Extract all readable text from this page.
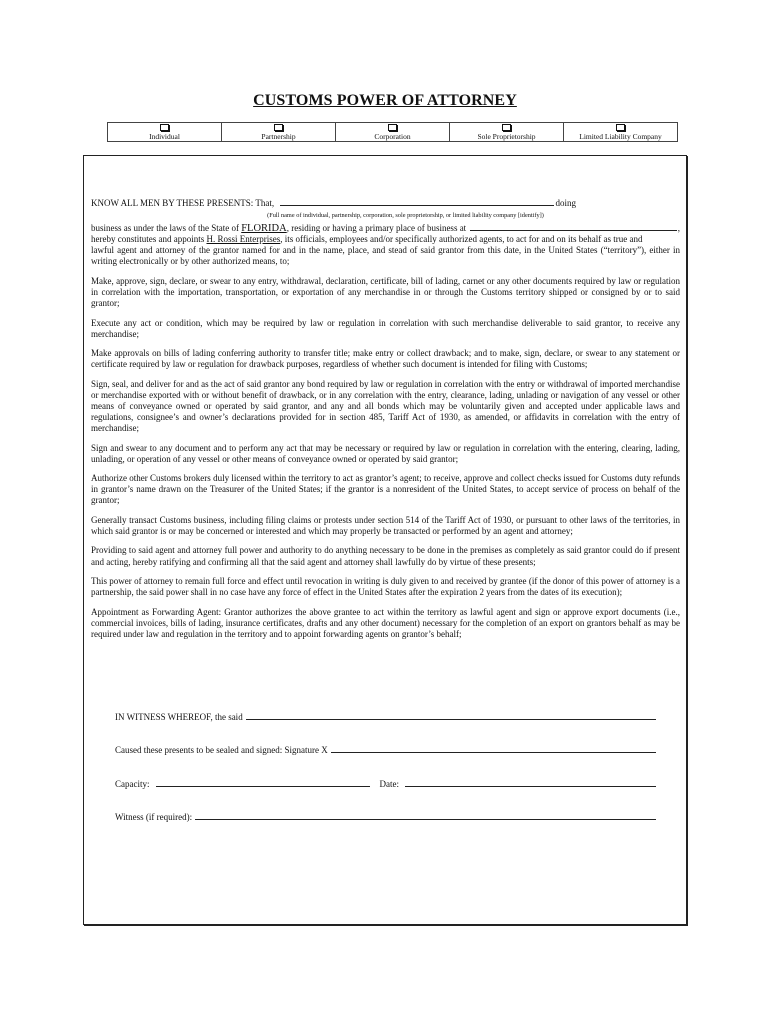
CUSTOMS POWER OF ATTORNEY
Individual	Partnership	Corporation	Sole Proprietorship	Limited Liability Company
KNOW ALL MEN BY THESE PRESENTS: That,	doing
(Full name of individual, partnership, corporation, sole proprietorship, or limited liability company [identify])
business as under the laws of the State of
FLORIDA , residing or having a primary place of business at	,
hereby constitutes and appoints
H. Rossi Enterprises , its officials, employees and/or specifically authorized agents, to act for and on its behalf as true and

lawful agent and attorney of the grantor named for and in the name, place, and stead of said grantor from this date, in the United States (“territory”), either in writing electronically or by other authorized means, to;

Make, approve, sign, declare, or swear to any entry, withdrawal, declaration, certificate, bill of lading, carnet or any other documents required by law or regulation in correlation with the importation, transportation, or exportation of any merchandise in or through the Customs territory shipped or consigned by or to said grantor;

Execute any act or condition, which may be required by law or regulation in correlation with such merchandise deliverable to said grantor, to receive any merchandise;

Make approvals on bills of lading conferring authority to transfer title; make entry or collect drawback; and to make, sign, declare, or swear to any statement or certificate required by law or regulation for drawback purposes, regardless of whether such document is intended for filing with Customs;

Sign, seal, and deliver for and as the act of said grantor any bond required by law or regulation in correlation with the entry or withdrawal of imported merchandise or merchandise exported with or without benefit of drawback, or in any correlation with the entry, clearance, lading, unlading or navigation of any vessel or other means of conveyance owned or operated by said grantor, and any and all bonds which may be voluntarily given and accepted under applicable laws and regulations, consignee’s and owner’s declarations provided for in section 485, Tariff Act of 1930, as amended, or affidavits in correlation with the entry of merchandise;

Sign and swear to any document and to perform any act that may be necessary or required by law or regulation in correlation with the entering, clearing, lading, unlading, or operation of any vessel or other means of conveyance owned or operated by said grantor;

Authorize other Customs brokers duly licensed within the territory to act as grantor’s agent; to receive, approve and collect checks issued for Customs duty refunds in grantor’s name drawn on the Treasurer of the United States; if the grantor is a nonresident of the United States, to accept service of process on behalf of the grantor;

Generally transact Customs business, including filing claims or protests under section 514 of the Tariff Act of 1930, or pursuant to other laws of the territories, in which said grantor is or may be concerned or interested and which may properly be transacted or performed by an agent and attorney;

Providing to said agent and attorney full power and authority to do anything necessary to be done in the premises as completely as said grantor could do if present and acting, hereby ratifying and confirming all that the said agent and attorney shall lawfully do by virtue of these presents;

This power of attorney to remain full force and effect until revocation in writing is duly given to and received by grantee (if the donor of this power of attorney is a partnership, the said power shall in no case have any force of effect in the United States after the expiration 2 years from the dates of its execution);

Appointment as Forwarding Agent: Grantor authorizes the above grantee to act within the territory as lawful agent and sign or approve export documents (i.e., commercial invoices, bills of lading, insurance certificates, drafts and any other document) necessary for the completion of an export on grantors behalf as may be required under law and regulation in the territory and to appoint forwarding agents on grantor’s behalf;

IN WITNESS WHEREOF, the said
Caused these presents to be sealed and signed: Signature X
Capacity:	Date:
Witness (if required):
